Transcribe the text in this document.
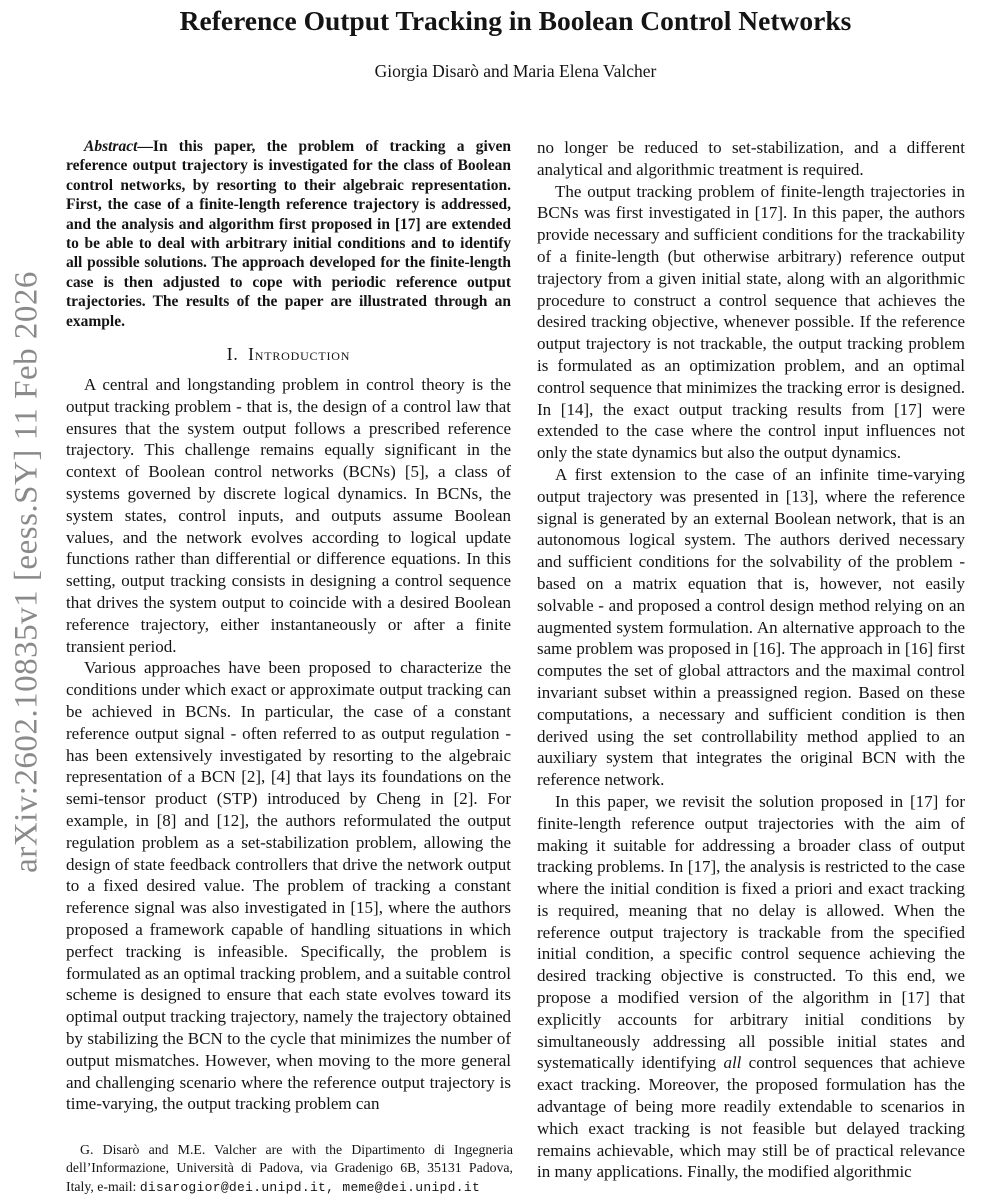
arXiv:2602.10835v1 [eess.SY] 11 Feb 2026
Reference Output Tracking in Boolean Control Networks
Giorgia Disarò and Maria Elena Valcher

Abstract—In this paper, the problem of tracking a given reference output trajectory is investigated for the class of Boolean control networks, by resorting to their algebraic representation. First, the case of a finite-length reference trajectory is addressed, and the analysis and algorithm first proposed in [17] are extended to be able to deal with arbitrary initial conditions and to identify all possible solutions. The approach developed for the finite-length case is then adjusted to cope with periodic reference output trajectories. The results of the paper are illustrated through an example.

I. Introduction

A central and longstanding problem in control theory is the output tracking problem - that is, the design of a control law that ensures that the system output follows a prescribed reference trajectory. This challenge remains equally significant in the context of Boolean control networks (BCNs) [5], a class of systems governed by discrete logical dynamics. In BCNs, the system states, control inputs, and outputs assume Boolean values, and the network evolves according to logical update functions rather than differential or difference equations. In this setting, output tracking consists in designing a control sequence that drives the system output to coincide with a desired Boolean reference trajectory, either instantaneously or after a finite transient period.

Various approaches have been proposed to characterize the conditions under which exact or approximate output tracking can be achieved in BCNs. In particular, the case of a constant reference output signal - often referred to as output regulation - has been extensively investigated by resorting to the algebraic representation of a BCN [2], [4] that lays its foundations on the semi-tensor product (STP) introduced by Cheng in [2]. For example, in [8] and [12], the authors reformulated the output regulation problem as a set-stabilization problem, allowing the design of state feedback controllers that drive the network output to a fixed desired value. The problem of tracking a constant reference signal was also investigated in [15], where the authors proposed a framework capable of handling situations in which perfect tracking is infeasible. Specifically, the problem is formulated as an optimal tracking problem, and a suitable control scheme is designed to ensure that each state evolves toward its optimal output tracking trajectory, namely the trajectory obtained by stabilizing the BCN to the cycle that minimizes the number of output mismatches. However, when moving to the more general and challenging scenario where the reference output trajectory is time-varying, the output tracking problem can

no longer be reduced to set-stabilization, and a different analytical and algorithmic treatment is required.

The output tracking problem of finite-length trajectories in BCNs was first investigated in [17]. In this paper, the authors provide necessary and sufficient conditions for the trackability of a finite-length (but otherwise arbitrary) reference output trajectory from a given initial state, along with an algorithmic procedure to construct a control sequence that achieves the desired tracking objective, whenever possible. If the reference output trajectory is not trackable, the output tracking problem is formulated as an optimization problem, and an optimal control sequence that minimizes the tracking error is designed. In [14], the exact output tracking results from [17] were extended to the case where the control input influences not only the state dynamics but also the output dynamics.

A first extension to the case of an infinite time-varying output trajectory was presented in [13], where the reference signal is generated by an external Boolean network, that is an autonomous logical system. The authors derived necessary and sufficient conditions for the solvability of the problem - based on a matrix equation that is, however, not easily solvable - and proposed a control design method relying on an augmented system formulation. An alternative approach to the same problem was proposed in [16]. The approach in [16] first computes the set of global attractors and the maximal control invariant subset within a preassigned region. Based on these computations, a necessary and sufficient condition is then derived using the set controllability method applied to an auxiliary system that integrates the original BCN with the reference network.

In this paper, we revisit the solution proposed in [17] for finite-length reference output trajectories with the aim of making it suitable for addressing a broader class of output tracking problems. In [17], the analysis is restricted to the case where the initial condition is fixed a priori and exact tracking is required, meaning that no delay is allowed. When the reference output trajectory is trackable from the specified initial condition, a specific control sequence achieving the desired tracking objective is constructed. To this end, we propose a modified version of the algorithm in [17] that explicitly accounts for arbitrary initial conditions by simultaneously addressing all possible initial states and systematically identifying all control sequences that achieve exact tracking. Moreover, the proposed formulation has the advantage of being more readily extendable to scenarios in which exact tracking is not feasible but delayed tracking remains achievable, which may still be of practical relevance in many applications. Finally, the modified algorithmic

G. Disarò and M.E. Valcher are with the Dipartimento di Ingegneria dell’Informazione, Università di Padova, via Gradenigo 6B, 35131 Padova, Italy, e-mail: disarogior@dei.unipd.it, meme@dei.unipd.it
